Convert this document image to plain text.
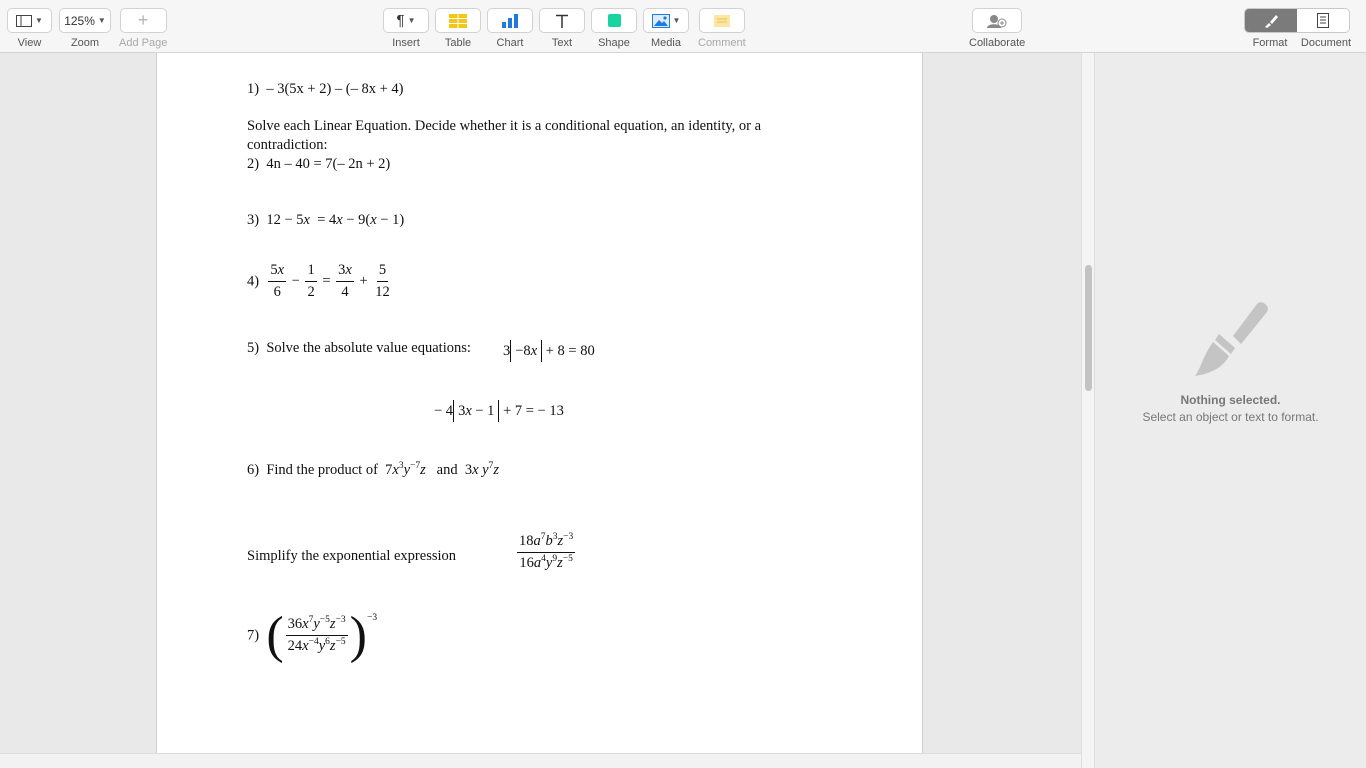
▼
View
125% ▼
Zoom
+
Add Page
¶ ▼
Insert Table Chart	Text Shape
▼
Media Comment	Collaborate	Format	Document
1) – 3(5x + 2) – (– 8x + 4)
Solve each Linear Equation. Decide whether it is a conditional equation, an identity, or a
contradiction:
2) 4n – 40 = 7(– 2n + 2)
3) 12 − 5x  = 4x − 9(x − 1)
$4) \frac{5x}{6} - \frac{1}{2} = \frac{3x}{4} + \frac{5}{12}$
5) Solve the absolute value equations: 3 −8x + 8 = 80
− 4 3x − 1 + 7 = − 13
6) Find the product of $7x^3y^{-7}z$ and 3x $y^7z$
Simplify the exponential expression	$\frac{18a^7b^3z^{-3}}{16a^4y^9z^{-5}}$
7) ( $\frac{36x^7y^{-5}z^{-3}}{24x^{-4}y^6z^{-5}} )^{-3}$
Nothing selected.
Select an object or text to format.
